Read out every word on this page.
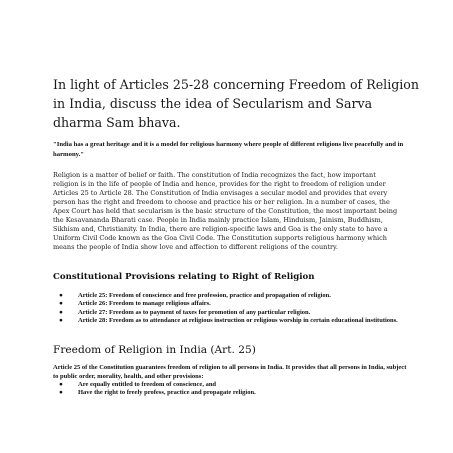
In light of Articles 25-28 concerning Freedom of Religion in India, discuss the idea of Secularism and Sarva dharma Sam bhava.

"India has a great heritage and it is a model for religious harmony where people of different religions live peacefully and in harmony."

Religion is a matter of belief or faith. The constitution of India recognizes the fact, how important religion is in the life of people of India and hence, provides for the right to freedom of religion under Articles 25 to Article 28. The Constitution of India envisages a secular model and provides that every person has the right and freedom to choose and practice his or her religion. In a number of cases, the Apex Court has held that secularism is the basic structure of the Constitution, the most important being the Kesavananda Bharati case. People in India mainly practice Islam, Hinduism, Jainism, Buddhism, Sikhism and, Christianity. In India, there are religion-specific laws and Goa is the only state to have a Uniform Civil Code known as the Goa Civil Code. The Constitution supports religious harmony which means the people of India show love and affection to different religions of the country.

Constitutional Provisions relating to Right of Religion
● Article 25: Freedom of conscience and free profession, practice and propagation of religion.
● Article 26: Freedom to manage religious affairs.
● Article 27: Freedom as to payment of taxes for promotion of any particular religion.
● Article 28: Freedom as to attendance at religious instruction or religious worship in certain educational institutions.
Freedom of Religion in India (Art. 25)

Article 25 of the Constitution guarantees freedom of religion to all persons in India. It provides that all persons in India, subject to public order, morality, health, and other provisions:

● Are equally entitled to freedom of conscience, and
● Have the right to freely profess, practice and propagate religion.
